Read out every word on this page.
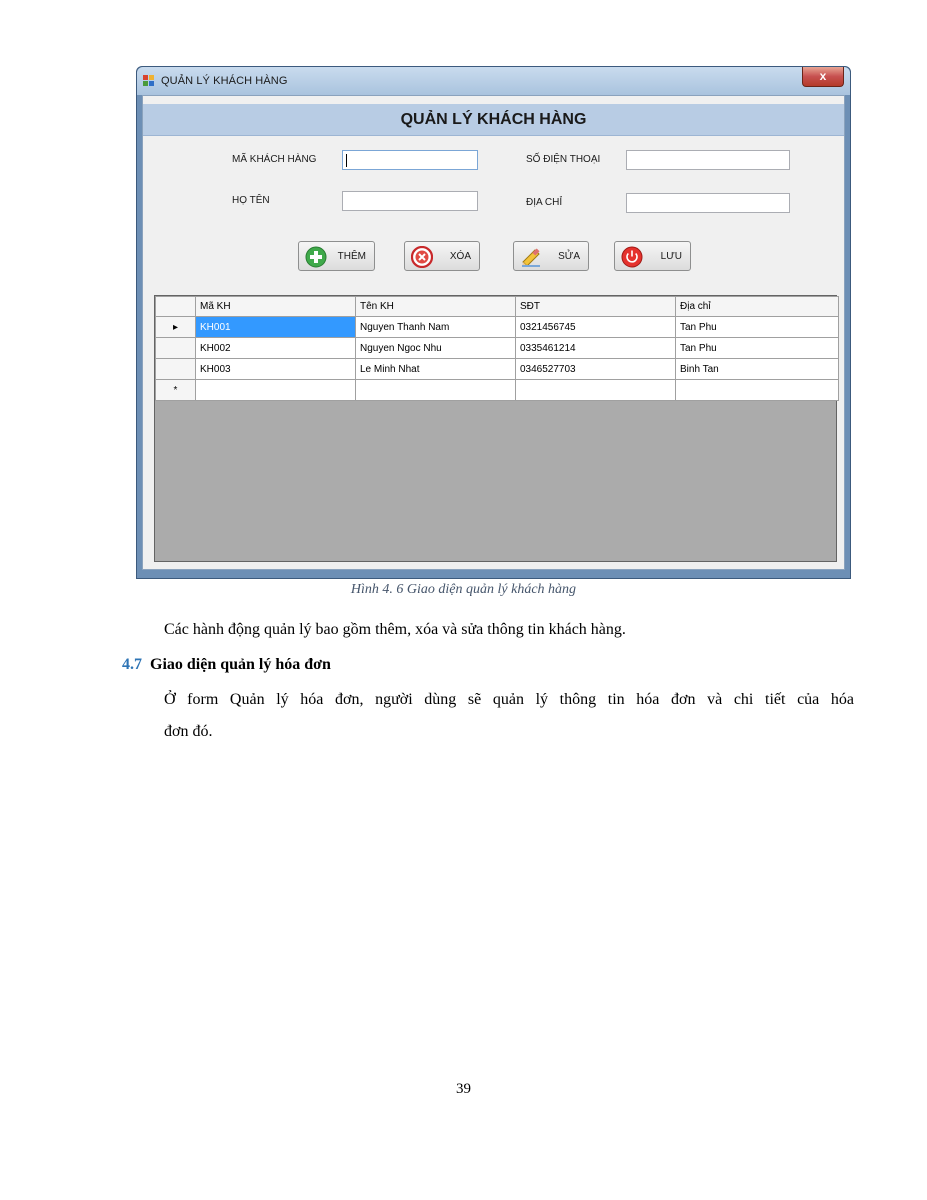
QUẢN LÝ KHÁCH HÀNG	x
QUẢN LÝ KHÁCH HÀNG
MÃ KHÁCH HÀNG	SỐ ĐIỆN THOẠI
HỌ TÊN	ĐỊA CHỈ
THÊM	XÓA	SỬA	LƯU
	Mã KH	Tên KH	SĐT	Địa chỉ
▸	KH001	Nguyen Thanh Nam	0321456745	Tan Phu
	KH002	Nguyen Ngoc Nhu	0335461214	Tan Phu
	KH003	Le Minh Nhat	0346527703	Binh Tan
*				
Hình 4. 6 Giao diện quản lý khách hàng
Các hành động quản lý bao gồm thêm, xóa và sửa thông tin khách hàng.
4.7 Giao diện quản lý hóa đơn
Ở form Quản lý hóa đơn, người dùng sẽ quản lý thông tin hóa đơn và chi tiết của hóa
đơn đó.
39
